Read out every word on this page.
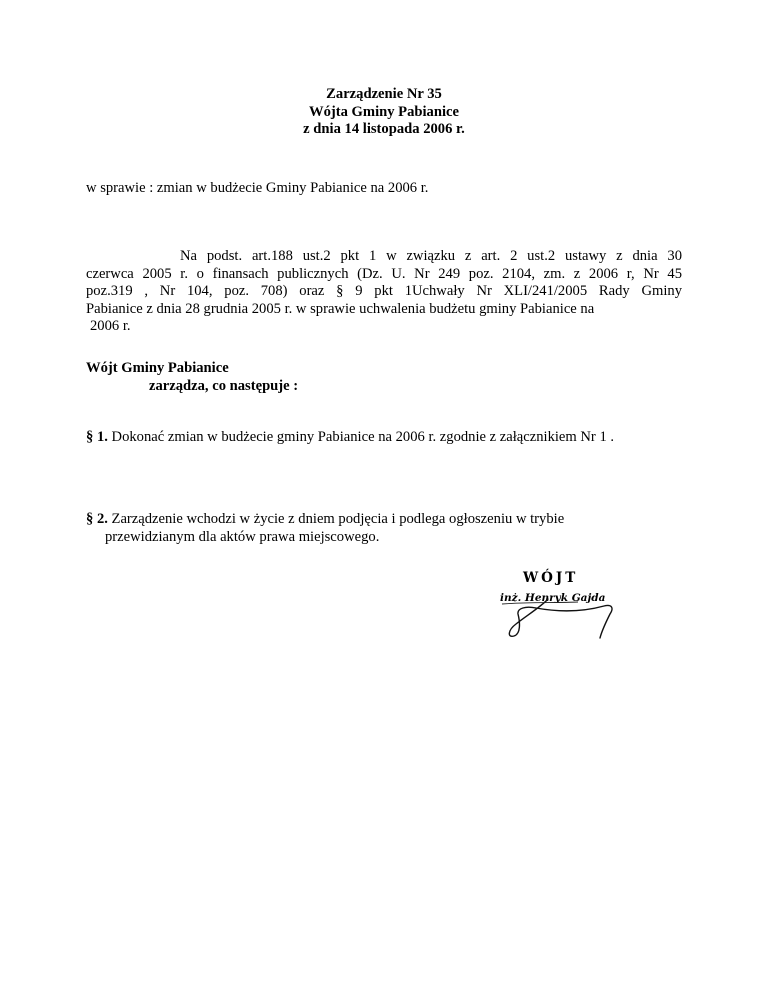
Zarządzenie Nr 35
Wójta Gminy Pabianice
z dnia 14 listopada 2006 r.
w sprawie : zmian w budżecie Gminy Pabianice na 2006 r.
Na podst. art.188 ust.2 pkt 1 w związku z art. 2 ust.2 ustawy z dnia 30
czerwca 2005 r. o finansach publicznych (Dz. U. Nr 249 poz. 2104, zm. z 2006 r, Nr 45
poz.319 , Nr 104, poz. 708) oraz § 9 pkt 1Uchwały Nr XLI/241/2005 Rady Gminy
Pabianice z dnia 28 grudnia 2005 r. w sprawie uchwalenia budżetu gminy Pabianice na
2006 r.
Wójt Gminy Pabianice
zarządza, co następuje :
§ 1. Dokonać zmian w budżecie gminy Pabianice na 2006 r. zgodnie z załącznikiem Nr 1 .
§ 2. Zarządzenie wchodzi w życie z dniem podjęcia i podlega ogłoszeniu w trybie
przewidzianym dla aktów prawa miejscowego.
WÓJT
inż. Henryk Gajda
